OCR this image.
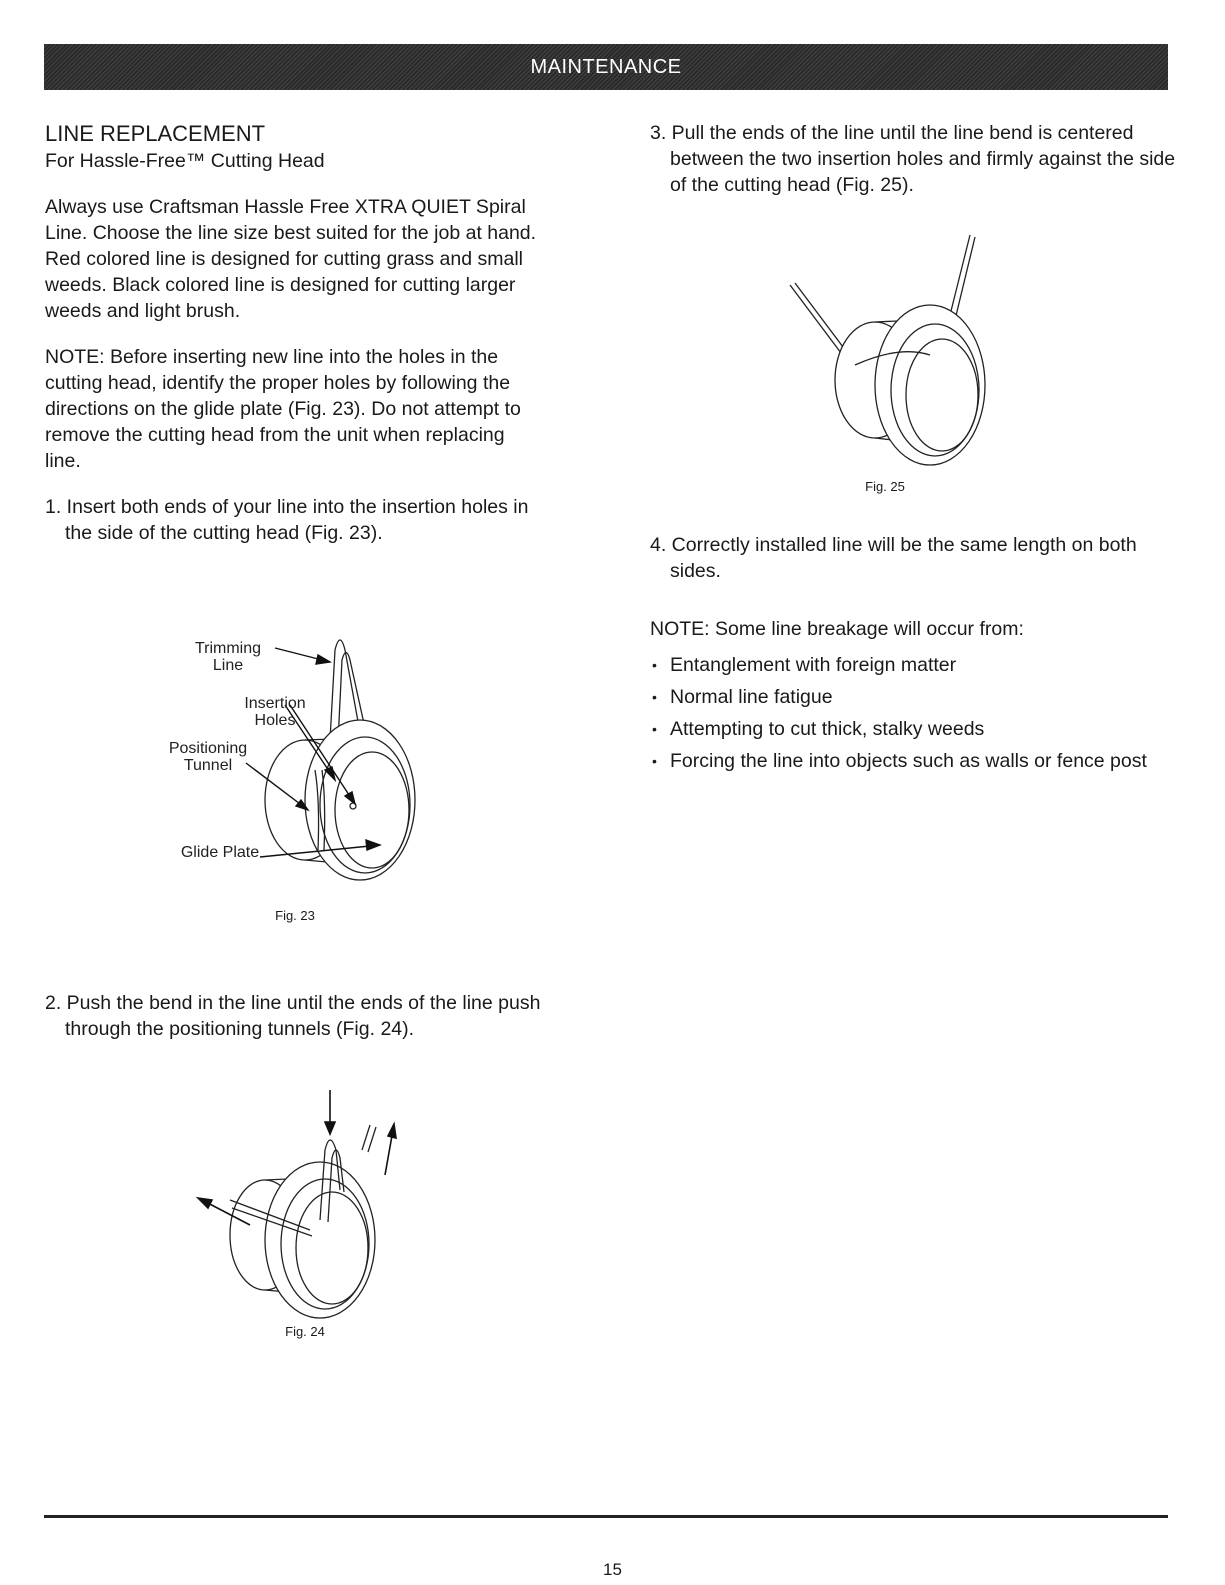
MAINTENANCE
LINE REPLACEMENT
For Hassle-Free™ Cutting Head

Always use Craftsman Hassle Free XTRA QUIET Spiral Line. Choose the line size best suited for the job at hand. Red colored line is designed for cutting grass and small weeds. Black colored line is designed for cutting larger weeds and light brush.

NOTE: Before inserting new line into the holes in the cutting head, identify the proper holes by following the directions on the glide plate (Fig. 23). Do not attempt to remove the cutting head from the unit when replacing line.

1. Insert both ends of your line into the insertion holes in the side of the cutting head (Fig. 23).

2. Push the bend in the line until the ends of the line push through the positioning tunnels (Fig. 24).

Trimming
Line
Insertion
Holes
Positioning
Tunnel
Glide Plate
Fig. 23
Fig. 24

3. Pull the ends of the line until the line bend is centered between the two insertion holes and firmly against the side of the cutting head (Fig. 25).

Fig. 25

4. Correctly installed line will be the same length on both sides.

NOTE: Some line breakage will occur from:

• Entanglement with foreign matter
• Normal line fatigue
• Attempting to cut thick, stalky weeds
• Forcing the line into objects such as walls or fence post
15
